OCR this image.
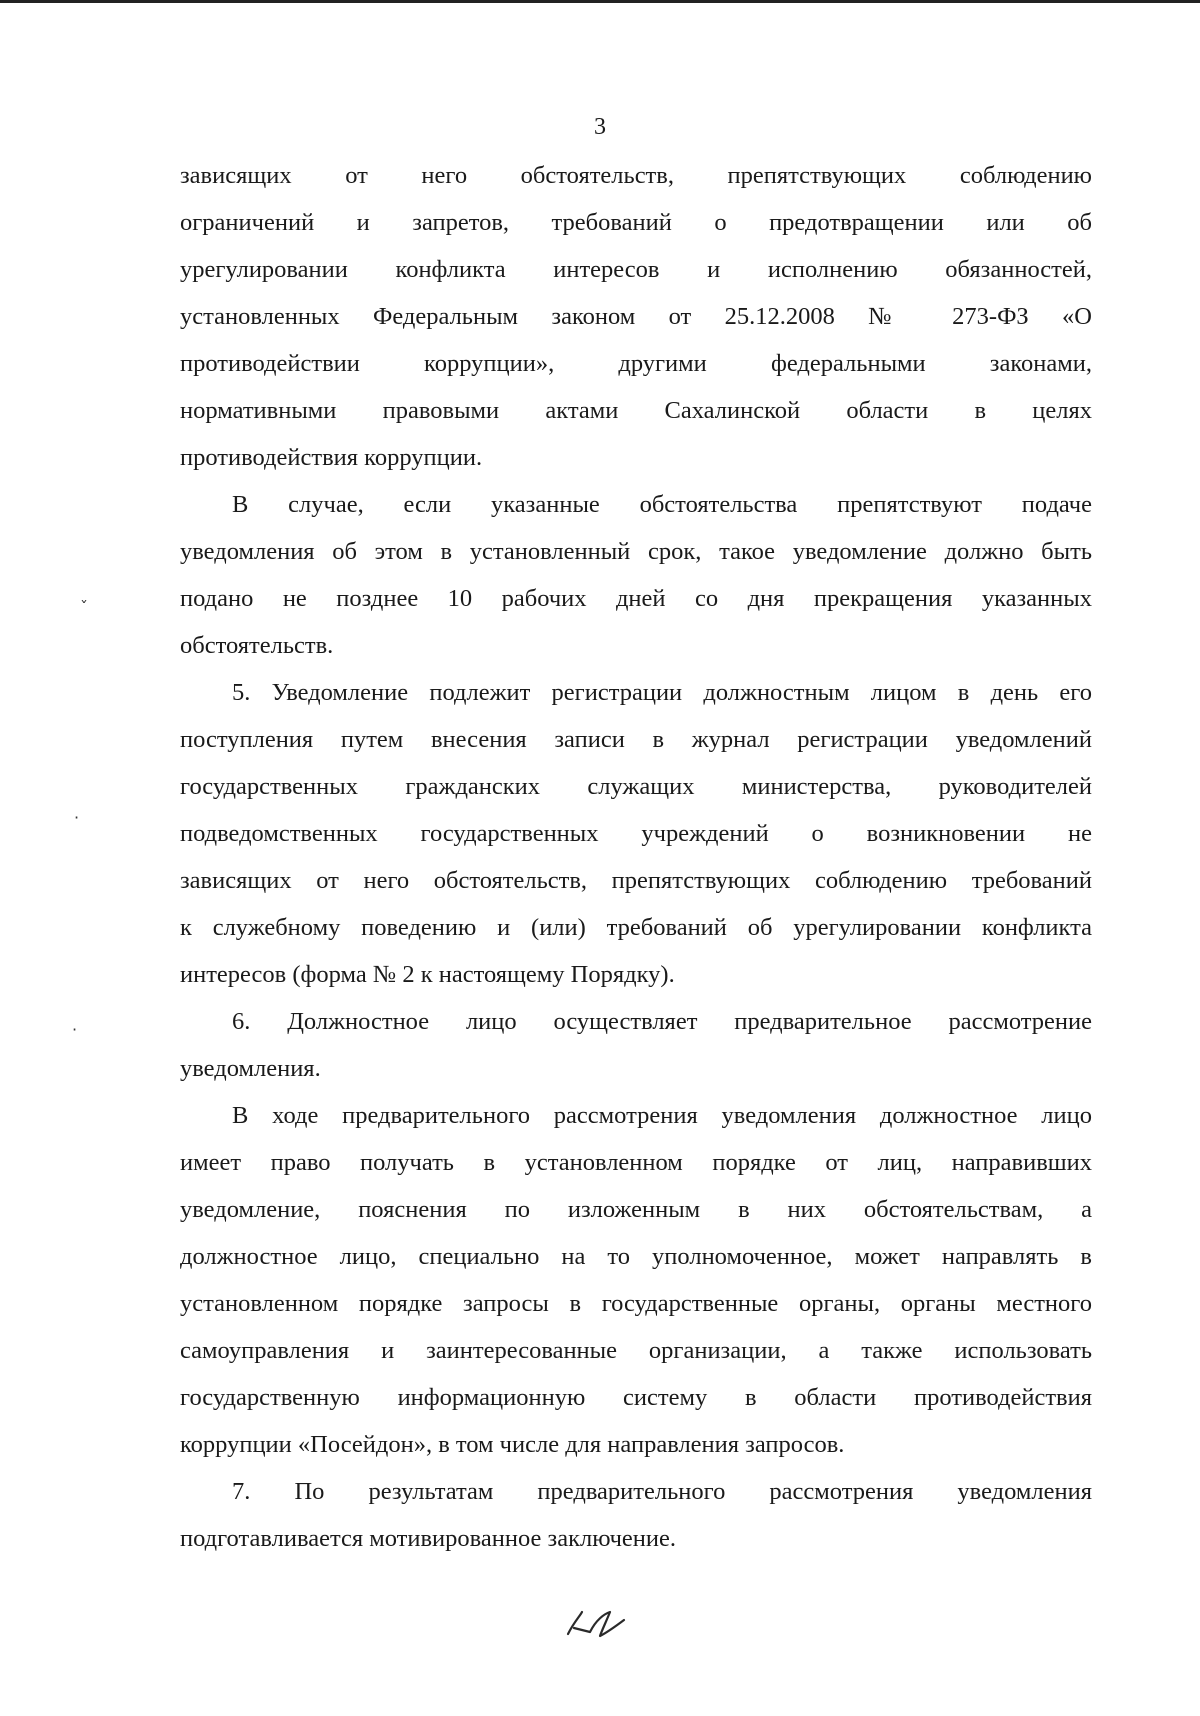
3
зависящих от него обстоятельств, препятствующих соблюдению
ограничений и запретов, требований о предотвращении или об
урегулировании конфликта интересов и исполнению обязанностей,
установленных Федеральным законом от 25.12.2008 № 273-ФЗ «О
противодействии коррупции», другими федеральными законами,
нормативными правовыми актами Сахалинской области в целях
противодействия коррупции.
В случае, если указанные обстоятельства препятствуют подаче
уведомления об этом в установленный срок, такое уведомление должно быть
подано не позднее 10 рабочих дней со дня прекращения указанных
обстоятельств.
5. Уведомление подлежит регистрации должностным лицом в день его
поступления путем внесения записи в журнал регистрации уведомлений
государственных гражданских служащих министерства, руководителей
подведомственных государственных учреждений о возникновении не
зависящих от него обстоятельств, препятствующих соблюдению требований
к служебному поведению и (или) требований об урегулировании конфликта
интересов (форма № 2 к настоящему Порядку).
6. Должностное лицо осуществляет предварительное рассмотрение
уведомления.
В ходе предварительного рассмотрения уведомления должностное лицо
имеет право получать в установленном порядке от лиц, направивших
уведомление, пояснения по изложенным в них обстоятельствам, а
должностное лицо, специально на то уполномоченное, может направлять в
установленном порядке запросы в государственные органы, органы местного
самоуправления и заинтересованные организации, а также использовать
государственную информационную систему в области противодействия
коррупции «Посейдон», в том числе для направления запросов.
7. По результатам предварительного рассмотрения уведомления
подготавливается мотивированное заключение.
ˇ
·
·
